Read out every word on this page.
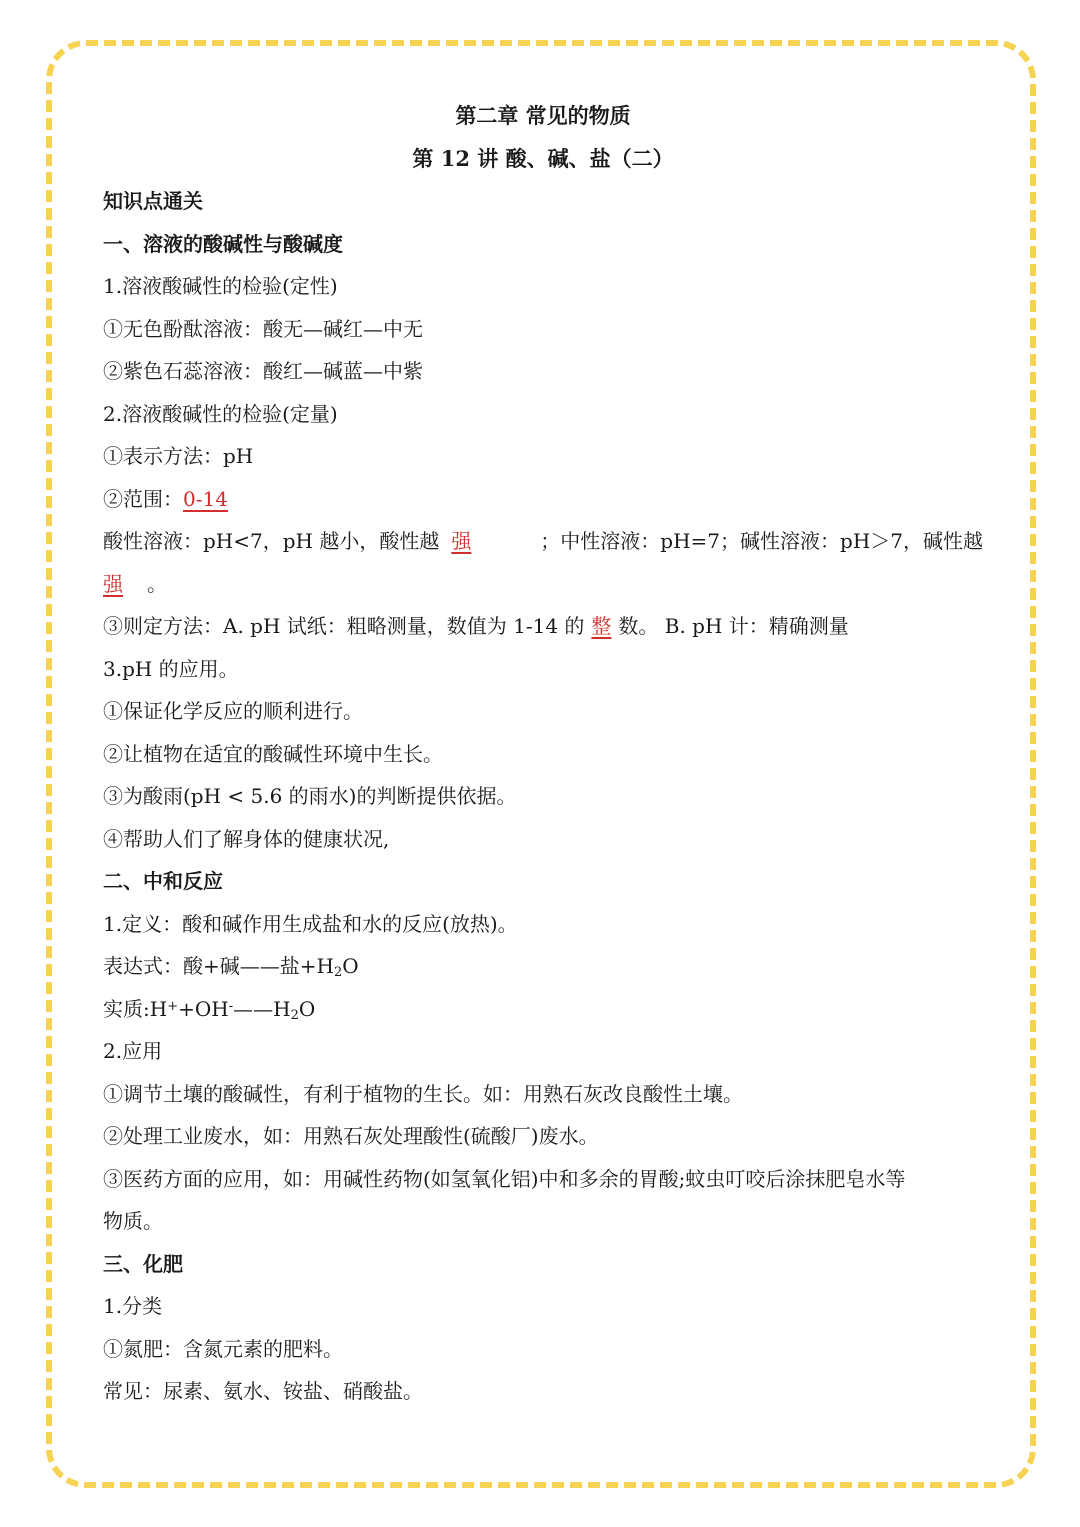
第二章 常见的物质
第 12 讲 酸、碱、盐（二）
知识点通关
一、溶液的酸碱性与酸碱度
1.溶液酸碱性的检验(定性)
①无色酚酞溶液：酸无—碱红—中无
②紫色石蕊溶液：酸红—碱蓝—中紫
2.溶液酸碱性的检验(定量)
①表示方法：pH
②范围：0-14
酸性溶液：pH<7，pH 越小，酸性越 强	；中性溶液：pH=7；碱性溶液：pH＞7，碱性越
强 。
③则定方法：A. pH 试纸：粗略测量，数值为 1-14 的 整 数。 B. pH 计：精确测量
3.pH 的应用。
①保证化学反应的顺利进行。
②让植物在适宜的酸碱性环境中生长。
③为酸雨(pH < 5.6 的雨水)的判断提供依据。
④帮助人们了解身体的健康状况,
二、中和反应
1.定义：酸和碱作用生成盐和水的反应(放热)。
表达式：酸+碱——盐$+H_2O$
实质$:H^++OH^-——H_2O$
2.应用
①调节土壤的酸碱性，有利于植物的生长。如：用熟石灰改良酸性土壤。
②处理工业废水，如：用熟石灰处理酸性(硫酸厂)废水。
③医药方面的应用，如：用碱性药物(如氢氧化铝)中和多余的胃酸;蚊虫叮咬后涂抹肥皂水等
物质。
三、化肥
1.分类
①氮肥：含氮元素的肥料。
常见：尿素、氨水、铵盐、硝酸盐。
